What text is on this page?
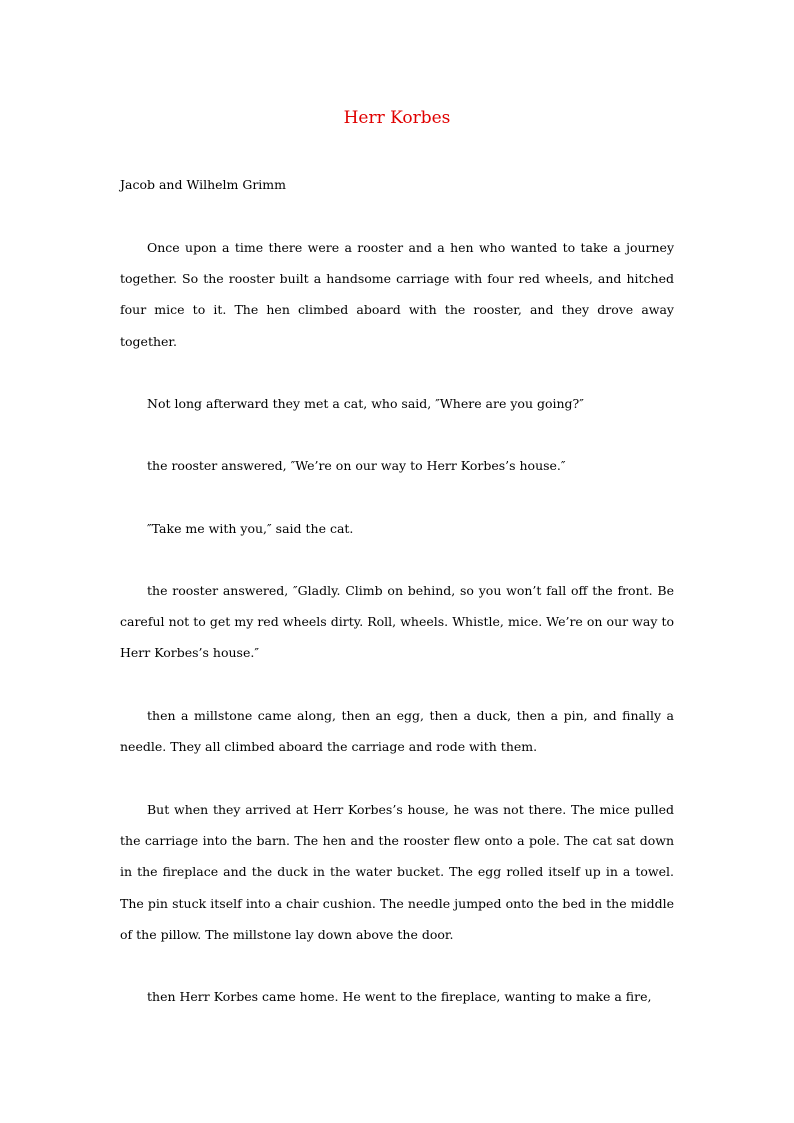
Herr Korbes

Jacob and Wilhelm Grimm

Once upon a time there were a rooster and a hen who wanted to take a journey together. So the rooster built a handsome carriage with four red wheels, and hitched four mice to it. The hen climbed aboard with the rooster, and they drove away together.

Not long afterward they met a cat, who said, ″Where are you going?″

the rooster answered, ″We’re on our way to Herr Korbes’s house.″

″Take me with you,″ said the cat.

the rooster answered, ″Gladly. Climb on behind, so you won’t fall off the front. Be careful not to get my red wheels dirty. Roll, wheels. Whistle, mice. We’re on our way to Herr Korbes’s house.″

then a millstone came along, then an egg, then a duck, then a pin, and finally a needle. They all climbed aboard the carriage and rode with them.

But when they arrived at Herr Korbes’s house, he was not there. The mice pulled the carriage into the barn. The hen and the rooster flew onto a pole. The cat sat down in the fireplace and the duck in the water bucket. The egg rolled itself up in a towel. The pin stuck itself into a chair cushion. The needle jumped onto the bed in the middle of the pillow. The millstone lay down above the door.

then Herr Korbes came home. He went to the fireplace, wanting to make a fire,
